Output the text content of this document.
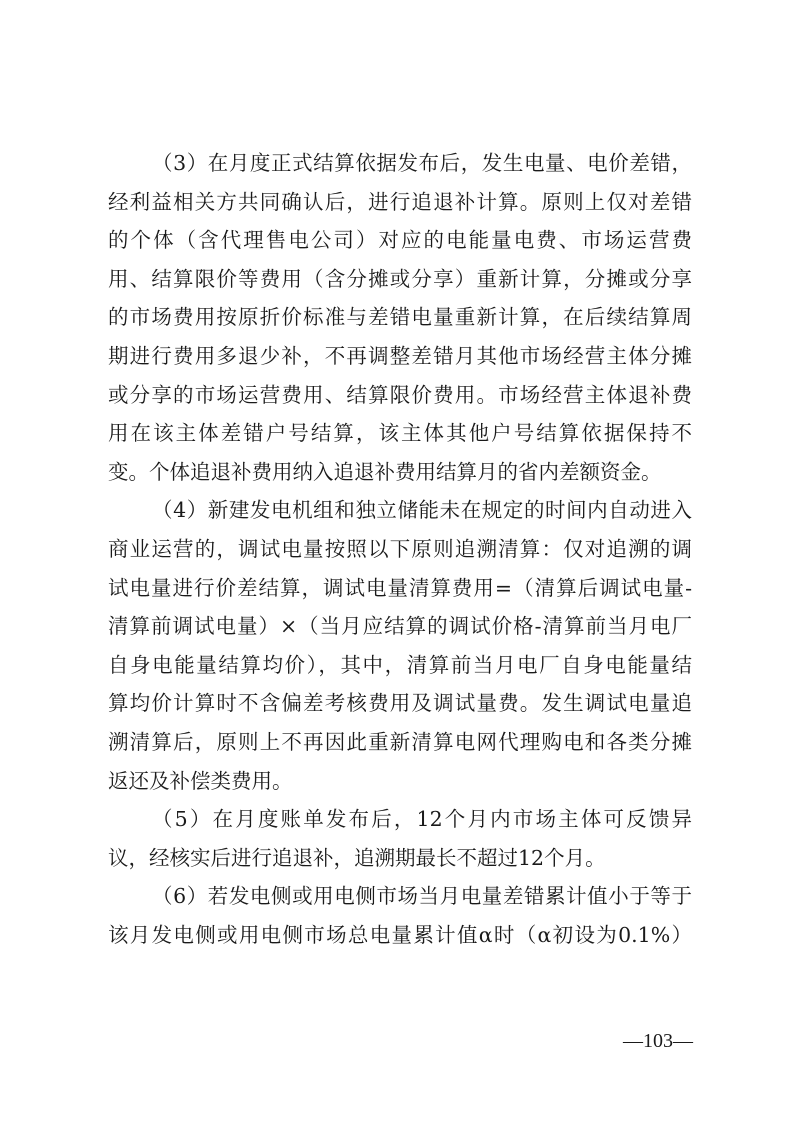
（3）在月度正式结算依据发布后，发生电量、电价差错，
经利益相关方共同确认后，进行追退补计算。原则上仅对差错
的个体（含代理售电公司）对应的电能量电费、市场运营费
用、结算限价等费用（含分摊或分享）重新计算，分摊或分享
的市场费用按原折价标准与差错电量重新计算，在后续结算周
期进行费用多退少补，不再调整差错月其他市场经营主体分摊
或分享的市场运营费用、结算限价费用。市场经营主体退补费
用在该主体差错户号结算，该主体其他户号结算依据保持不
变。个体追退补费用纳入追退补费用结算月的省内差额资金。
（4）新建发电机组和独立储能未在规定的时间内自动进入
商业运营的，调试电量按照以下原则追溯清算：仅对追溯的调
试电量进行价差结算，调试电量清算费用=（清算后调试电量-
清算前调试电量）×（当月应结算的调试价格-清算前当月电厂
自身电能量结算均价），其中，清算前当月电厂自身电能量结
算均价计算时不含偏差考核费用及调试量费。发生调试电量追
溯清算后，原则上不再因此重新清算电网代理购电和各类分摊
返还及补偿类费用。
（5）在月度账单发布后，12个月内市场主体可反馈异
议，经核实后进行追退补，追溯期最长不超过12个月。
（6）若发电侧或用电侧市场当月电量差错累计值小于等于
该月发电侧或用电侧市场总电量累计值α时（α初设为0.1%）
—103—
